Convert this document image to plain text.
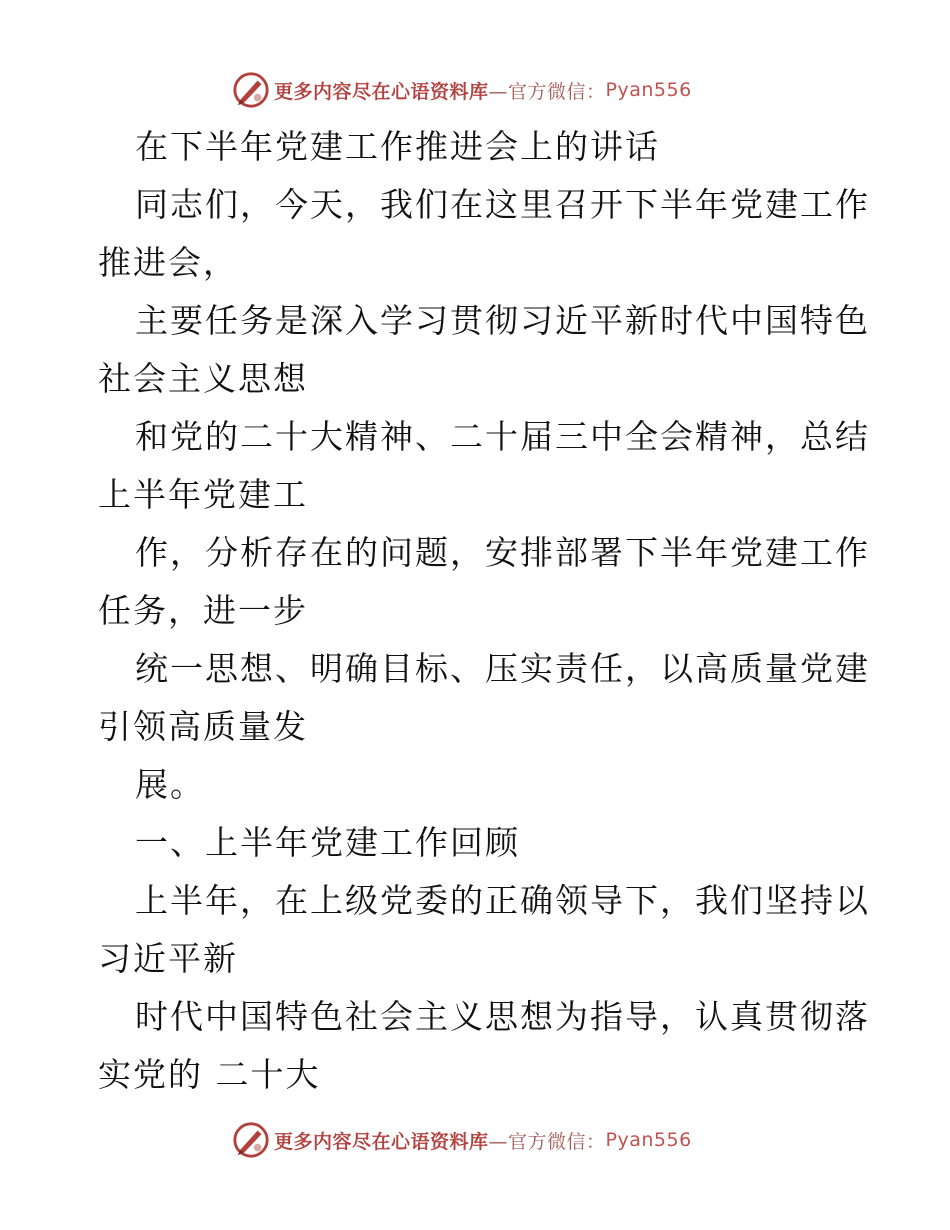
更多内容尽在心语资料库 —官方微信： Pyan556
在下半年党建工作推进会上的讲话
同志们，今天，我们在这里召开下半年党建工作
推进会，
主要任务是深入学习贯彻习近平新时代中国特色
社会主义思想
和党的二十大精神、二十届三中全会精神，总结
上半年党建工
作，分析存在的问题，安排部署下半年党建工作
任务，进一步
统一思想、明确目标、压实责任，以高质量党建
引领高质量发
展。
一、上半年党建工作回顾
上半年，在上级党委的正确领导下，我们坚持以
习近平新
时代中国特色社会主义思想为指导，认真贯彻落
实党的 二十大
更多内容尽在心语资料库 —官方微信： Pyan556
